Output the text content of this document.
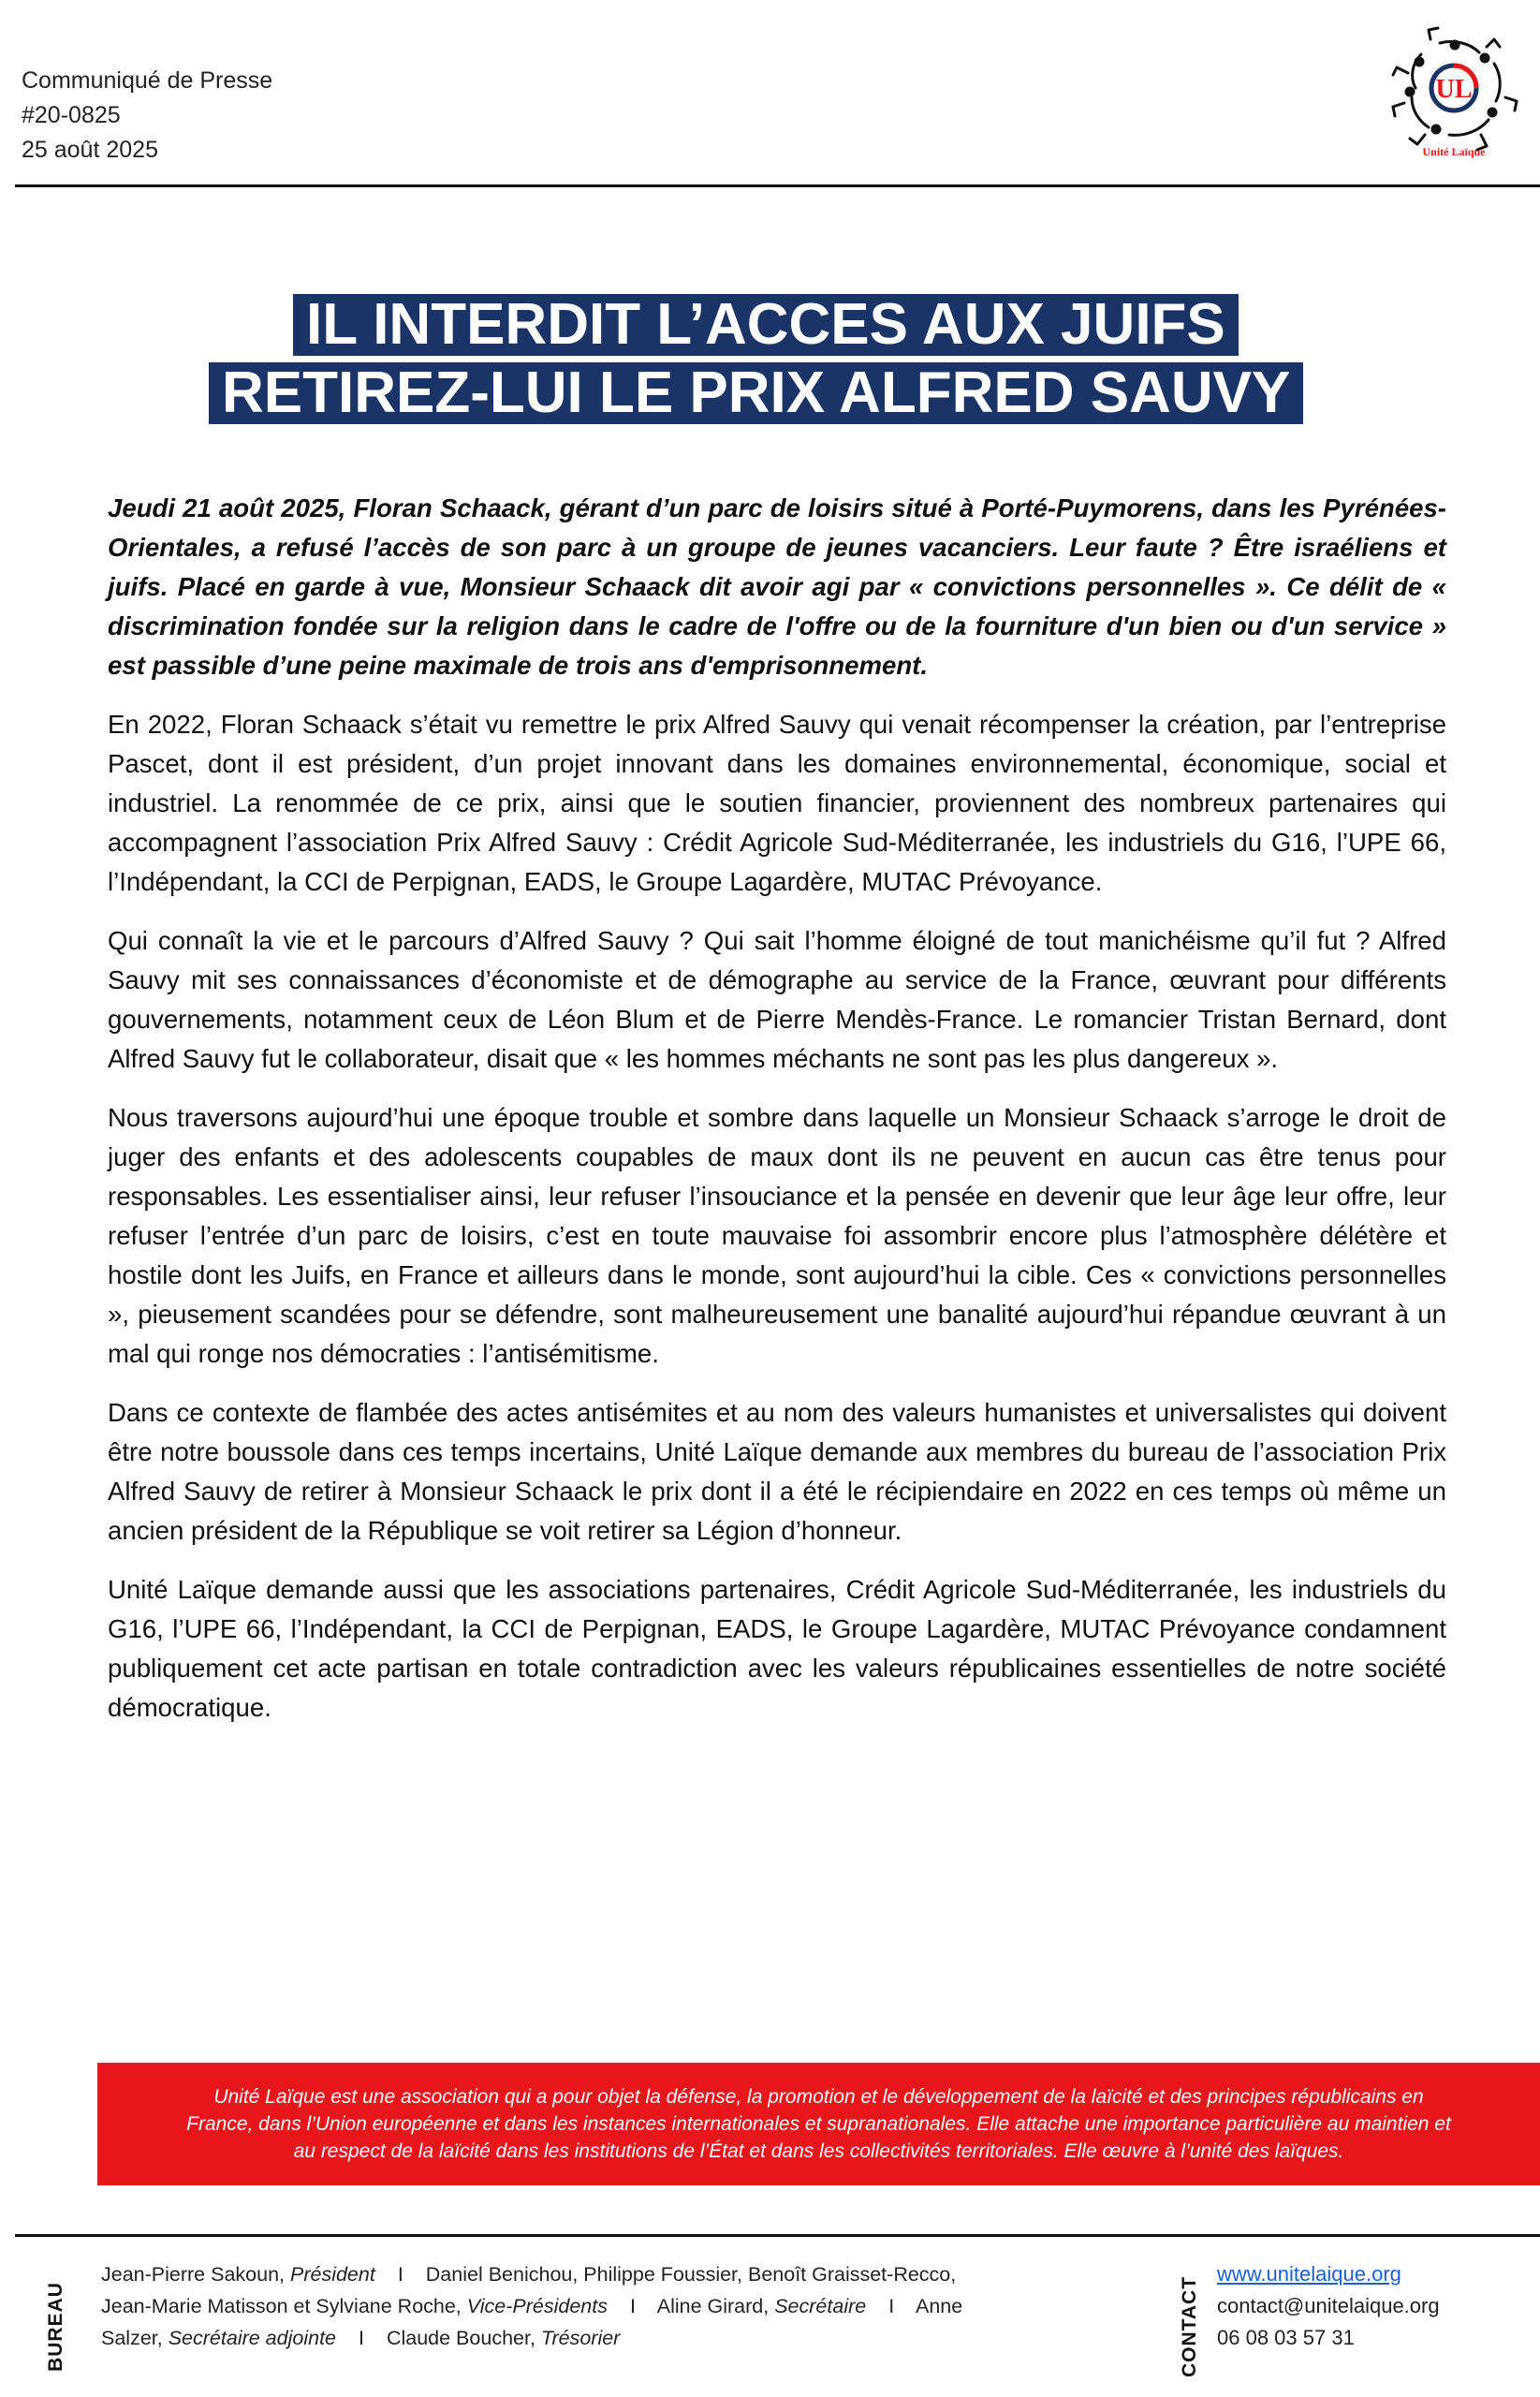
Communiqué de Presse
#20-0825
25 août 2025
UL
Unité Laïque
IL INTERDIT L’ACCES AUX JUIFS
RETIREZ-LUI LE PRIX ALFRED SAUVY

Jeudi 21 août 2025, Floran Schaack, gérant d’un parc de loisirs situé à Porté-Puymorens, dans les Pyrénées-Orientales, a refusé l’accès de son parc à un groupe de jeunes vacanciers. Leur faute ? Être israéliens et juifs. Placé en garde à vue, Monsieur Schaack dit avoir agi par « convictions personnelles ». Ce délit de « discrimination fondée sur la religion dans le cadre de l'offre ou de la fourniture d'un bien ou d'un service » est passible d’une peine maximale de trois ans d'emprisonnement.

En 2022, Floran Schaack s’était vu remettre le prix Alfred Sauvy qui venait récompenser la création, par l’entreprise Pascet, dont il est président, d’un projet innovant dans les domaines environnemental, économique, social et industriel. La renommée de ce prix, ainsi que le soutien financier, proviennent des nombreux partenaires qui accompagnent l’association Prix Alfred Sauvy : Crédit Agricole Sud-Méditerranée, les industriels du G16, l’UPE 66, l’Indépendant, la CCI de Perpignan, EADS, le Groupe Lagardère, MUTAC Prévoyance.

Qui connaît la vie et le parcours d’Alfred Sauvy ? Qui sait l’homme éloigné de tout manichéisme qu’il fut ? Alfred Sauvy mit ses connaissances d’économiste et de démographe au service de la France, œuvrant pour différents gouvernements, notamment ceux de Léon Blum et de Pierre Mendès-France. Le romancier Tristan Bernard, dont Alfred Sauvy fut le collaborateur, disait que « les hommes méchants ne sont pas les plus dangereux ».

Nous traversons aujourd’hui une époque trouble et sombre dans laquelle un Monsieur Schaack s’arroge le droit de juger des enfants et des adolescents coupables de maux dont ils ne peuvent en aucun cas être tenus pour responsables. Les essentialiser ainsi, leur refuser l’insouciance et la pensée en devenir que leur âge leur offre, leur refuser l’entrée d’un parc de loisirs, c’est en toute mauvaise foi assombrir encore plus l’atmosphère délétère et hostile dont les Juifs, en France et ailleurs dans le monde, sont aujourd’hui la cible. Ces « convictions personnelles », pieusement scandées pour se défendre, sont malheureusement une banalité aujourd’hui répandue œuvrant à un mal qui ronge nos démocraties : l’antisémitisme.

Dans ce contexte de flambée des actes antisémites et au nom des valeurs humanistes et universalistes qui doivent être notre boussole dans ces temps incertains, Unité Laïque demande aux membres du bureau de l’association Prix Alfred Sauvy de retirer à Monsieur Schaack le prix dont il a été le récipiendaire en 2022 en ces temps où même un ancien président de la République se voit retirer sa Légion d’honneur.

Unité Laïque demande aussi que les associations partenaires, Crédit Agricole Sud-Méditerranée, les industriels du G16, l’UPE 66, l’Indépendant, la CCI de Perpignan, EADS, le Groupe Lagardère, MUTAC Prévoyance condamnent publiquement cet acte partisan en totale contradiction avec les valeurs républicaines essentielles de notre société démocratique.

Unité Laïque est une association qui a pour objet la défense, la promotion et le développement de la laïcité et des principes républicains en France, dans l’Union européenne et dans les instances internationales et supranationales. Elle attache une importance particulière au maintien et au respect de la laïcité dans les institutions de l’État et dans les collectivités territoriales. Elle œuvre à l’unité des laïques.

BUREAU
Jean-Pierre Sakoun, Président I Daniel Benichou, Philippe Foussier, Benoît Graisset-Recco, Jean-Marie Matisson et Sylviane Roche, Vice-Présidents I Aline Girard, Secrétaire I Anne Salzer, Secrétaire adjointe I Claude Boucher, Trésorier	CONTACT
www.unitelaique.org
contact@unitelaique.org
06 08 03 57 31
